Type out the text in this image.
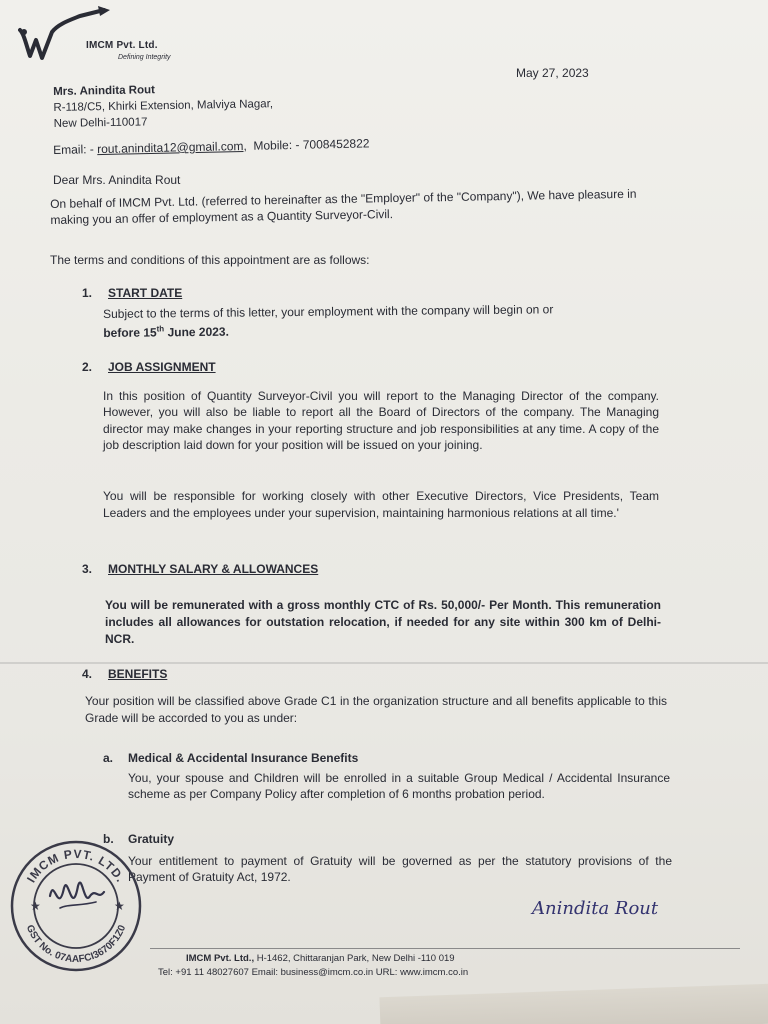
IMCM Pvt. Ltd.
Defining Integrity
May 27, 2023
Mrs. Anindita Rout
R-118/C5, Khirki Extension, Malviya Nagar,
New Delhi-110017
Email: - rout.anindita12@gmail.com,  Mobile: - 7008452822
Dear Mrs. Anindita Rout
On behalf of IMCM Pvt. Ltd. (referred to hereinafter as the "Employer" of the "Company"), We have pleasure in making you an offer of employment as a Quantity Surveyor-Civil.
The terms and conditions of this appointment are as follows:
1. START DATE
Subject to the terms of this letter, your employment with the company will begin on or
before 15th June 2023.
2. JOB ASSIGNMENT
In this position of Quantity Surveyor-Civil you will report to the Managing Director of the company. However, you will also be liable to report all the Board of Directors of the company. The Managing director may make changes in your reporting structure and job responsibilities at any time. A copy of the job description laid down for your position will be issued on your joining.
You will be responsible for working closely with other Executive Directors, Vice Presidents, Team Leaders and the employees under your supervision, maintaining harmonious relations at all time.'
3. MONTHLY SALARY & ALLOWANCES
You will be remunerated with a gross monthly CTC of Rs. 50,000/- Per Month. This remuneration includes all allowances for outstation relocation, if needed for any site within 300 km of Delhi-NCR.
4. BENEFITS
Your position will be classified above Grade C1 in the organization structure and all benefits applicable to this Grade will be accorded to you as under:
a. Medical & Accidental Insurance Benefits
You, your spouse and Children will be enrolled in a suitable Group Medical / Accidental Insurance scheme as per Company Policy after completion of 6 months probation period.
b. Gratuity
Your entitlement to payment of Gratuity will be governed as per the statutory provisions of the Payment of Gratuity Act, 1972.
IMCM PVT. LTD.
GST No. 07AAFCI3670F1Z0
★	★	Anindita Rout
IMCM Pvt. Ltd., H-1462, Chittaranjan Park, New Delhi -110 019
Tel: +91 11 48027607 Email: business@imcm.co.in URL: www.imcm.co.in
